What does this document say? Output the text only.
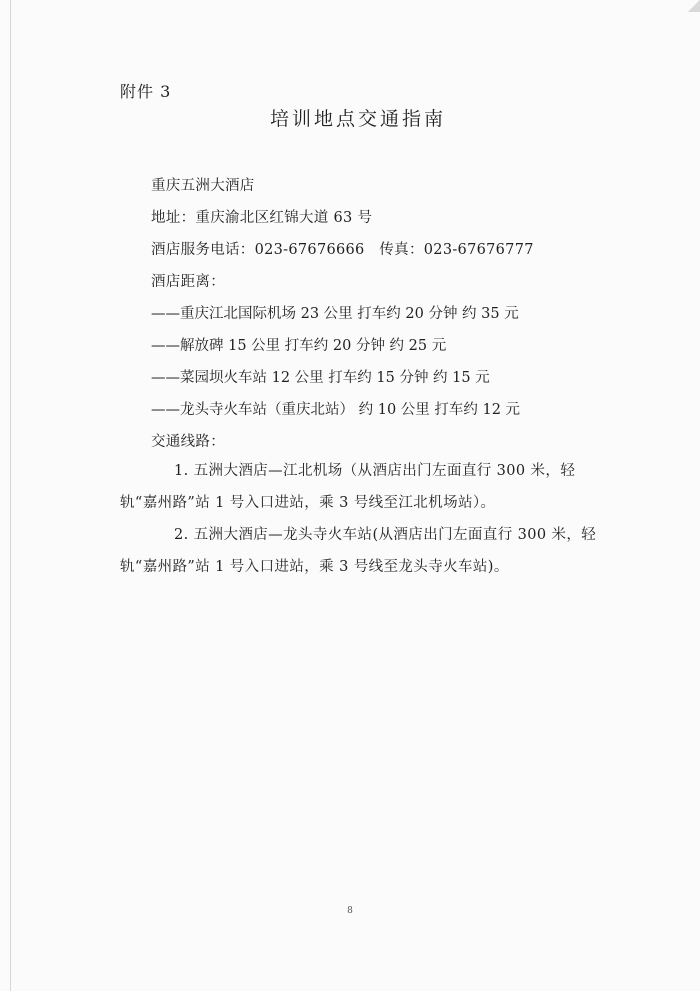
附件 3
培训地点交通指南
重庆五洲大酒店
地址：重庆渝北区红锦大道 63 号
酒店服务电话：023-67676666　传真：023-67676777
酒店距离：
——重庆江北国际机场 23 公里 打车约 20 分钟 约 35 元
——解放碑 15 公里 打车约 20 分钟 约 25 元
——菜园坝火车站 12 公里 打车约 15 分钟 约 15 元
——龙头寺火车站（重庆北站） 约 10 公里 打车约 12 元
交通线路：
1. 五洲大酒店—江北机场（从酒店出门左面直行 300 米，轻轨“嘉州路”站 1 号入口进站，乘 3 号线至江北机场站）。
2. 五洲大酒店—龙头寺火车站(从酒店出门左面直行 300 米，轻轨“嘉州路”站 1 号入口进站，乘 3 号线至龙头寺火车站)。
8
